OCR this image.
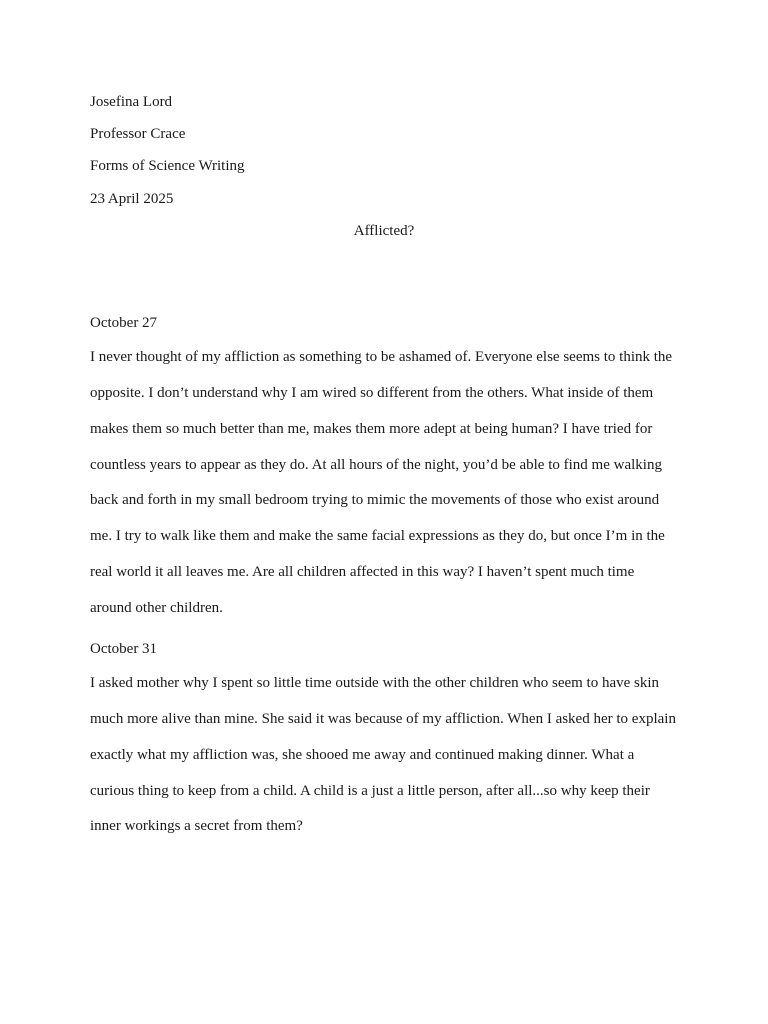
Josefina Lord
Professor Crace
Forms of Science Writing
23 April 2025
Afflicted?
October 27

I never thought of my affliction as something to be ashamed of. Everyone else seems to think the opposite. I don’t understand why I am wired so different from the others. What inside of them makes them so much better than me, makes them more adept at being human? I have tried for countless years to appear as they do. At all hours of the night, you’d be able to find me walking back and forth in my small bedroom trying to mimic the movements of those who exist around me. I try to walk like them and make the same facial expressions as they do, but once I’m in the real world it all leaves me. Are all children affected in this way? I haven’t spent much time around other children.

October 31

I asked mother why I spent so little time outside with the other children who seem to have skin much more alive than mine. She said it was because of my affliction. When I asked her to explain exactly what my affliction was, she shooed me away and continued making dinner. What a curious thing to keep from a child. A child is a just a little person, after all...so why keep their inner workings a secret from them?
